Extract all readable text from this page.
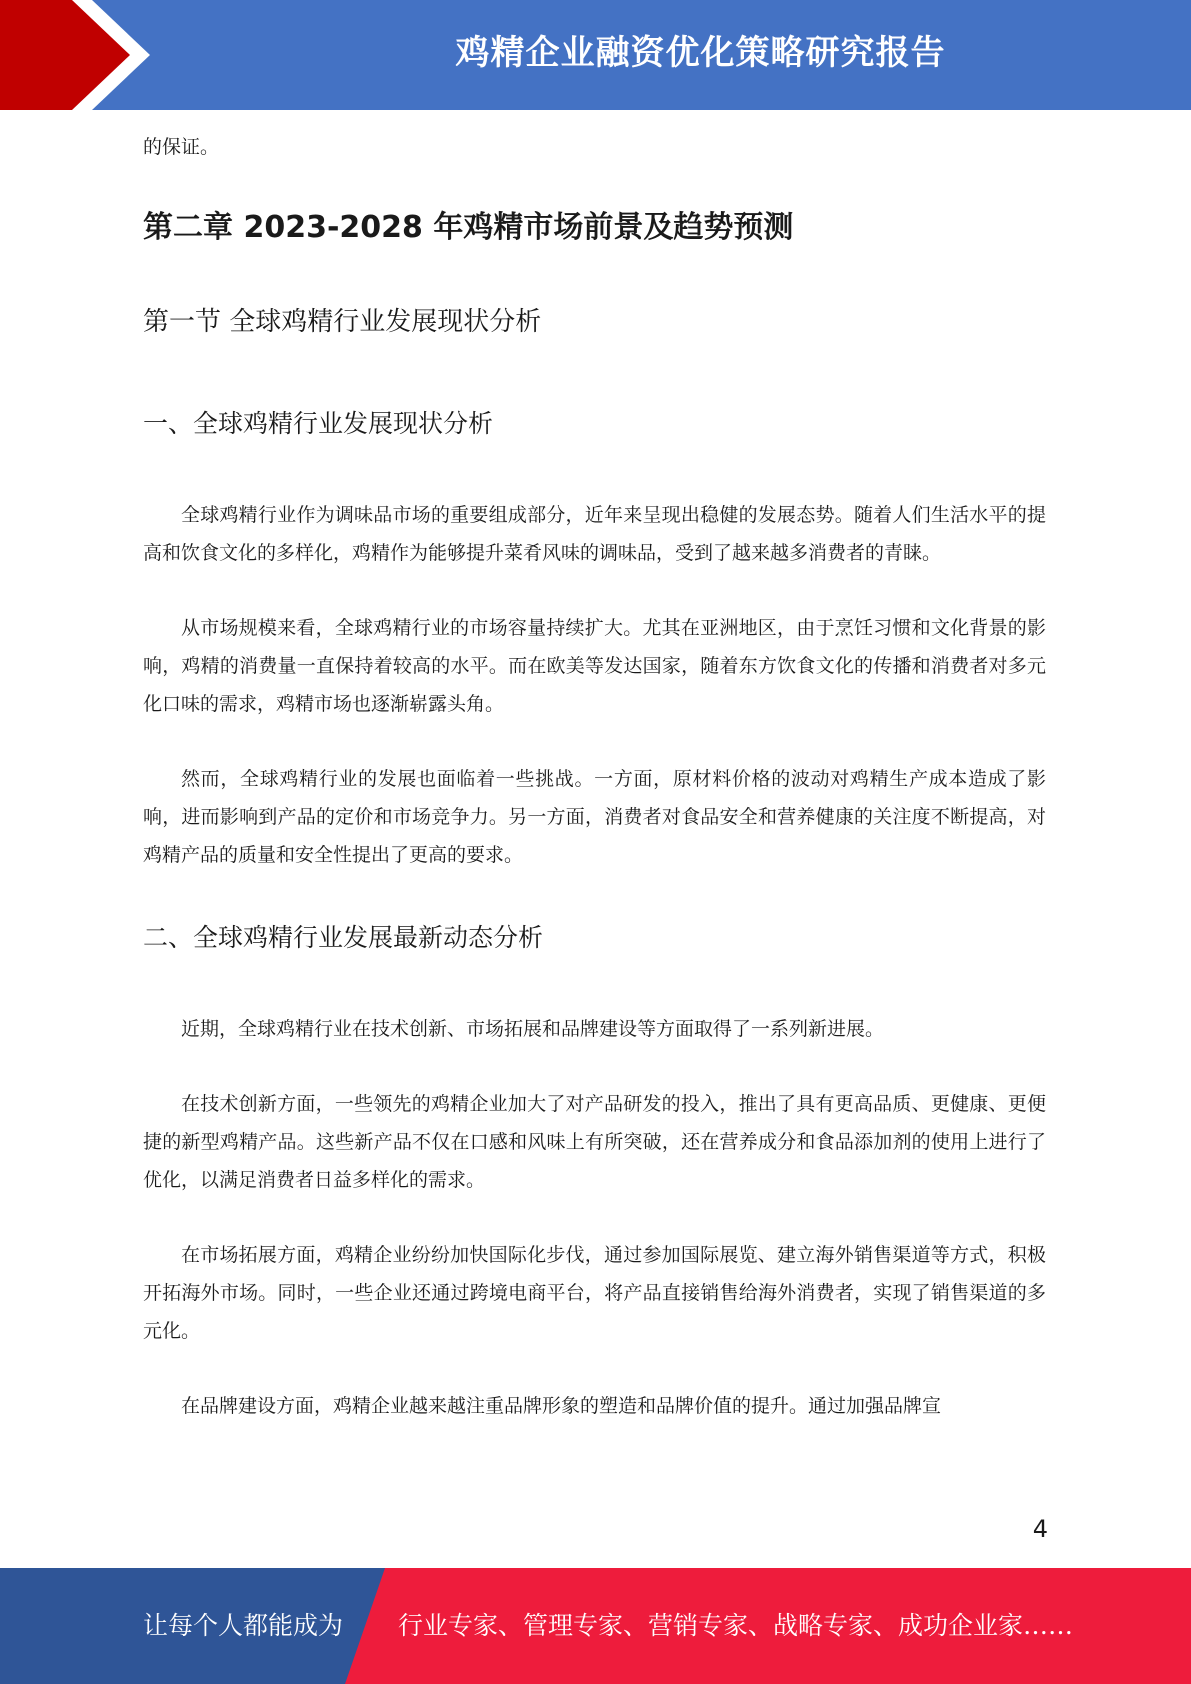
鸡精企业融资优化策略研究报告

的保证。

第二章 2023-2028 年鸡精市场前景及趋势预测
第一节 全球鸡精行业发展现状分析
一、全球鸡精行业发展现状分析

全球鸡精行业作为调味品市场的重要组成部分，近年来呈现出稳健的发展态势。随着人们生活水平的提高和饮食文化的多样化，鸡精作为能够提升菜肴风味的调味品，受到了越来越多消费者的青睐。

从市场规模来看，全球鸡精行业的市场容量持续扩大。尤其在亚洲地区，由于烹饪习惯和文化背景的影响，鸡精的消费量一直保持着较高的水平。而在欧美等发达国家，随着东方饮食文化的传播和消费者对多元化口味的需求，鸡精市场也逐渐崭露头角。

然而，全球鸡精行业的发展也面临着一些挑战。一方面，原材料价格的波动对鸡精生产成本造成了影响，进而影响到产品的定价和市场竞争力。另一方面，消费者对食品安全和营养健康的关注度不断提高，对鸡精产品的质量和安全性提出了更高的要求。

二、全球鸡精行业发展最新动态分析

近期，全球鸡精行业在技术创新、市场拓展和品牌建设等方面取得了一系列新进展。

在技术创新方面，一些领先的鸡精企业加大了对产品研发的投入，推出了具有更高品质、更健康、更便捷的新型鸡精产品。这些新产品不仅在口感和风味上有所突破，还在营养成分和食品添加剂的使用上进行了优化，以满足消费者日益多样化的需求。

在市场拓展方面，鸡精企业纷纷加快国际化步伐，通过参加国际展览、建立海外销售渠道等方式，积极开拓海外市场。同时，一些企业还通过跨境电商平台，将产品直接销售给海外消费者，实现了销售渠道的多元化。

在品牌建设方面，鸡精企业越来越注重品牌形象的塑造和品牌价值的提升。通过加强品牌宣

4
让每个人都能成为 行业专家、管理专家、营销专家、战略专家、成功企业家……
